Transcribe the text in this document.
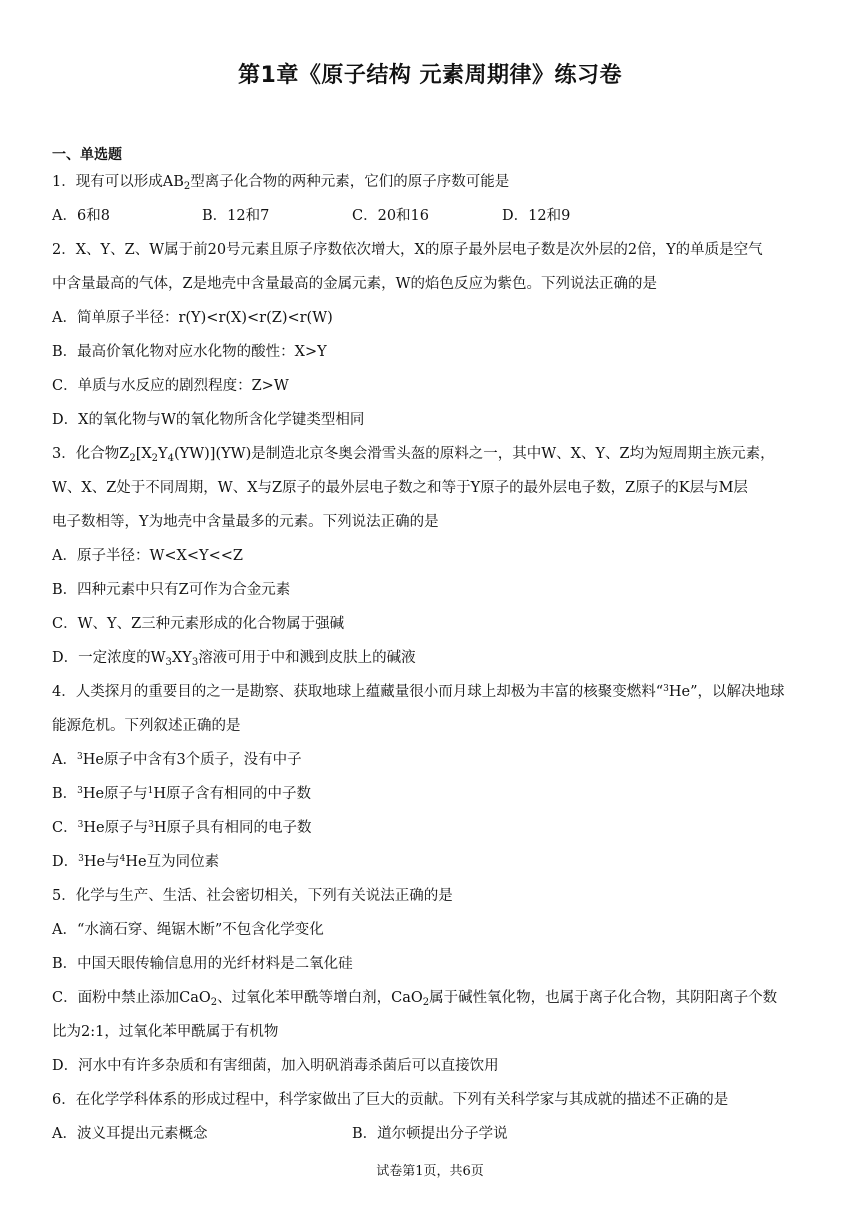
第1章《原子结构 元素周期律》练习卷
一、单选题
1．现有可以形成$AB_2$型离子化合物的两种元素，它们的原子序数可能是
A．6和8	B．12和7	C．20和16	D．12和9
2．X、Y、Z、W属于前20号元素且原子序数依次增大，X的原子最外层电子数是次外层的2倍，Y的单质是空气
中含量最高的气体，Z是地壳中含量最高的金属元素，W的焰色反应为紫色。下列说法正确的是
A．简单原子半径：r(Y)<r(X)<r(Z)<r(W)
B．最高价氧化物对应水化物的酸性：X>Y
C．单质与水反应的剧烈程度：Z>W
D．X的氧化物与W的氧化物所含化学键类型相同
3．化合物$Z_2[X_2Y_4(YW)](YW)$是制造北京冬奥会滑雪头盔的原料之一，其中W、X、Y、Z均为短周期主族元素，
W、X、Z处于不同周期，W、X与Z原子的最外层电子数之和等于Y原子的最外层电子数，Z原子的K层与M层
电子数相等，Y为地壳中含量最多的元素。下列说法正确的是
A．原子半径：W<X<Y<<Z
B．四种元素中只有Z可作为合金元素
C．W、Y、Z三种元素形成的化合物属于强碱
D．一定浓度的$W_3XY_3$溶液可用于中和溅到皮肤上的碱液
4．人类探月的重要目的之一是勘察、获取地球上蕴藏量很小而月球上却极为丰富的核聚变燃料“$^3$He”，以解决地球
能源危机。下列叙述正确的是
A．$^3$He原子中含有3个质子，没有中子
B．$^3$He原子与$^1$H原子含有相同的中子数
C．$^3$He原子与$^3$H原子具有相同的电子数
D．$^3$He与$^4$He互为同位素
5．化学与生产、生活、社会密切相关，下列有关说法正确的是
A．“水滴石穿、绳锯木断”不包含化学变化
B．中国天眼传输信息用的光纤材料是二氧化硅
C．面粉中禁止添加CaO$_2$、过氧化苯甲酰等增白剂，CaO$_2$属于碱性氧化物，也属于离子化合物，其阴阳离子个数
比为2:1，过氧化苯甲酰属于有机物
D．河水中有许多杂质和有害细菌，加入明矾消毒杀菌后可以直接饮用
6．在化学学科体系的形成过程中，科学家做出了巨大的贡献。下列有关科学家与其成就的描述不正确的是
A．波义耳提出元素概念	B．道尔顿提出分子学说
试卷第1页，共6页
